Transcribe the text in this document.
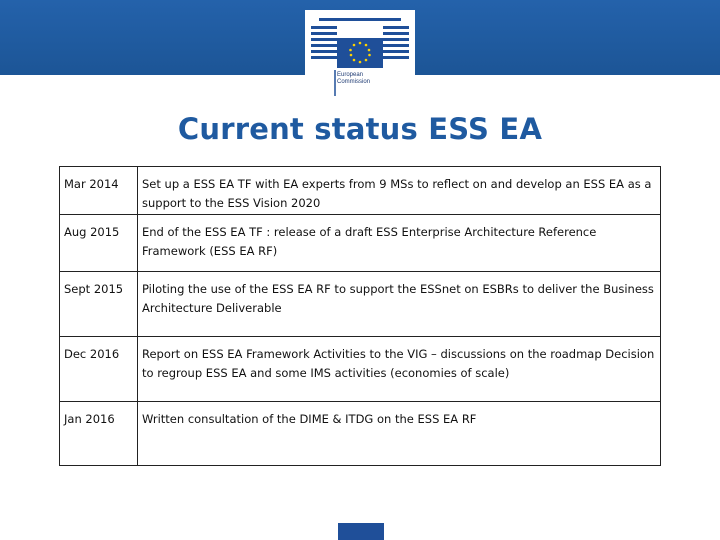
European
Commission
Current status ESS EA
Mar 2014	Set up a ESS EA TF with EA experts from 9 MSs to reflect on and develop an ESS EA as a support to the ESS Vision 2020
Aug 2015	End of the ESS EA TF : release of a draft ESS Enterprise Architecture Reference Framework (ESS EA RF)
Sept 2015	Piloting the use of the ESS EA RF to support the ESSnet on ESBRs to deliver the Business Architecture Deliverable
Dec 2016	Report on ESS EA Framework Activities to the VIG – discussions on the roadmap Decision to regroup ESS EA and some IMS activities (economies of scale)
Jan 2016	Written consultation of the DIME & ITDG on the ESS EA RF
